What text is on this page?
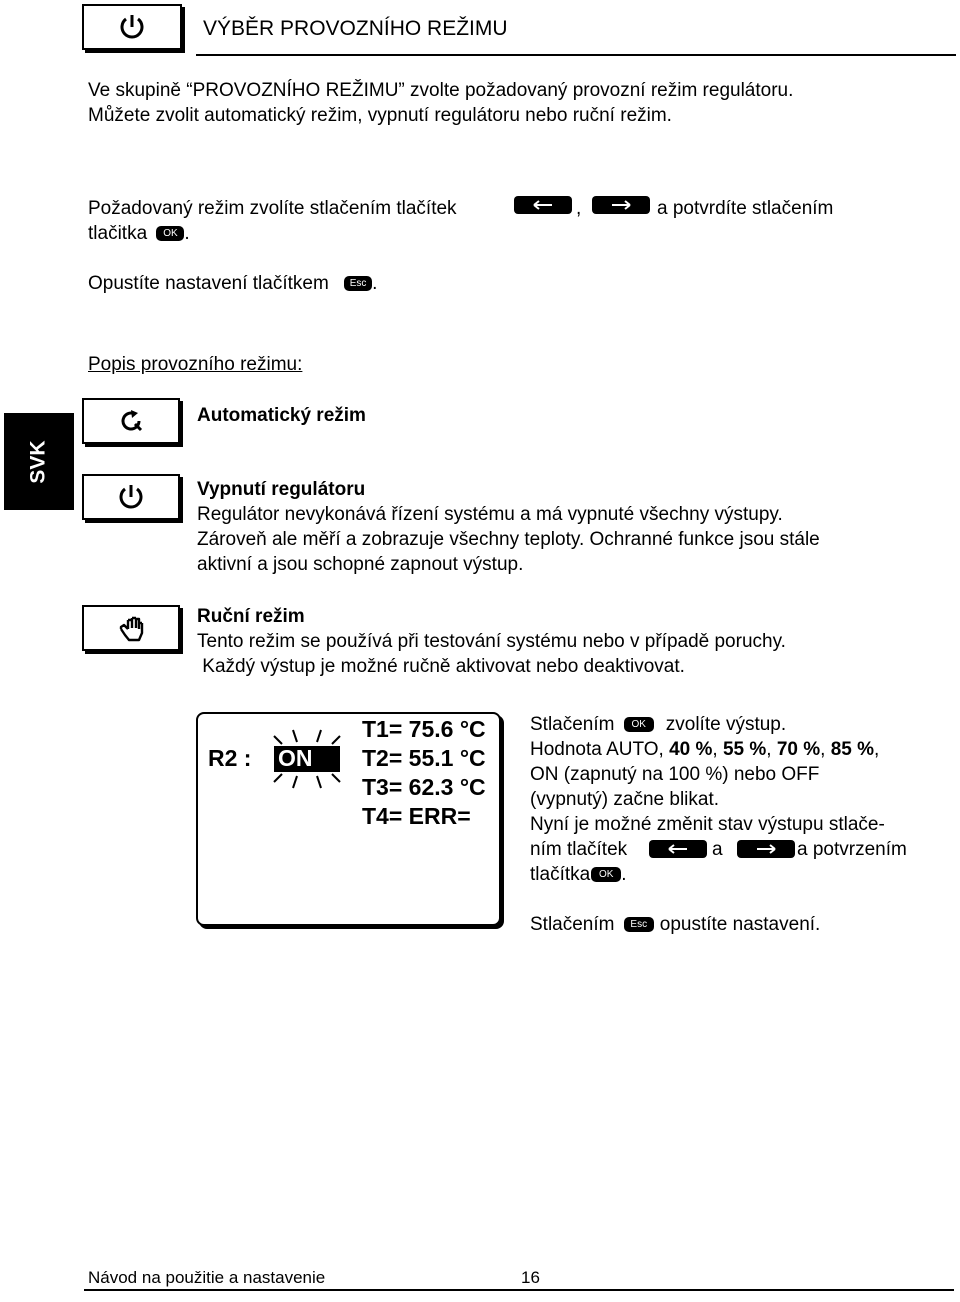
VÝBĚR PROVOZNÍHO REŽIMU
SVK
Ve skupině “PROVOZNÍHO REŽIMU” zvolte požadovaný provozní režim regulátoru.
Můžete zvolit automatický režim, vypnutí regulátoru nebo ruční režim.
Požadovaný režim zvolíte stlačením tlačítek	,	a potvrdíte stlačením
tlačitka OK .
Opustíte nastavení tlačítkem Esc .
Popis provozního režimu:
Automatický režim
Vypnutí regulátoru
Regulátor nevykonává řízení systému a má vypnuté všechny výstupy.
Zároveň ale měří a zobrazuje všechny teploty. Ochranné funkce jsou stále
aktivní a jsou schopné zapnout výstup.
Ruční režim
Tento režim se používá při testování systému nebo v případě poruchy.
Každý výstup je možné ručně aktivovat nebo deaktivovat.
R2 : ON
T1= 75.6 °C
T2= 55.1 °C
T3= 62.3 °C
T4= ERR=
Stlačením OK zvolíte výstup.
Hodnota AUTO, 40 %, 55 %, 70 %, 85 %,
ON (zapnutý na 100 %) nebo OFF
(vypnutý) začne blikat.
Nyní je možné změnit stav výstupu stlače-
ním tlačítek	a	a potvrzením
tlačítka OK .
Stlačením Esc opustíte nastavení.
Návod na použitie a nastavenie	16
